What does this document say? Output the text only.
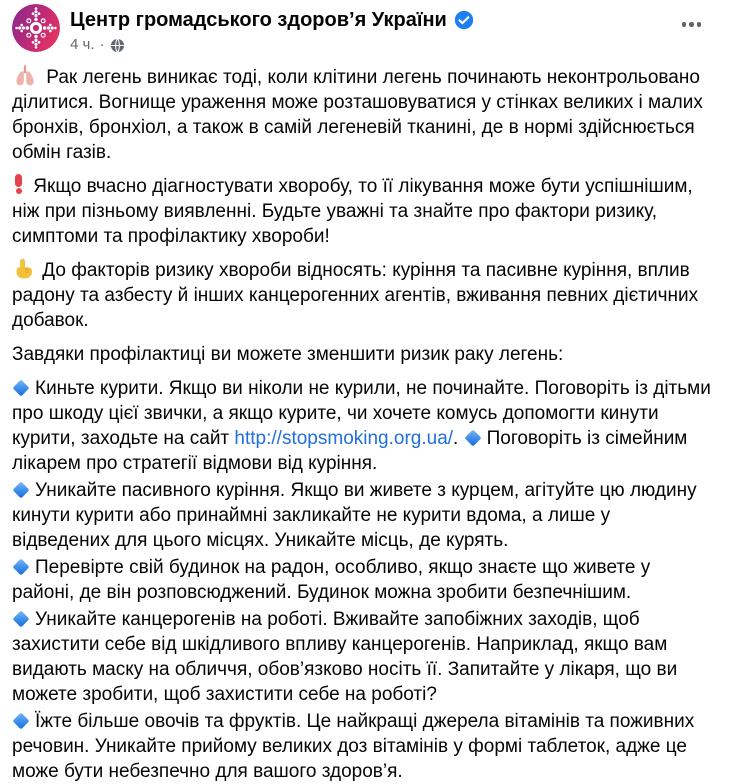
Центр громадського здоров’я України
4 ч. ·
Рак легень виникає тоді, коли клітини легень починають неконтрольовано ділитися. Вогнище ураження може розташовуватися у стінках великих і малих бронхів, бронхіол, а також в самій легеневій тканині, де в нормі здійснюється обмін газів.
Якщо вчасно діагностувати хворобу, то її лікування може бути успішнішим, ніж при пізньому виявленні. Будьте уважні та знайте про фактори ризику, симптоми та профілактику хвороби!
До факторів ризику хвороби відносять: куріння та пасивне куріння, вплив радону та азбесту й інших канцерогенних агентів, вживання певних дієтичних добавок.
Завдяки профілактиці ви можете зменшити ризик раку легень:
Киньте курити. Якщо ви ніколи не курили, не починайте. Поговоріть із дітьми про шкоду цієї звички, а якщо курите, чи хочете комусь допомогти кинути курити, заходьте на сайт http://stopsmoking.org.ua/. Поговоріть із сімейним лікарем про стратегії відмови від куріння.
Уникайте пасивного куріння. Якщо ви живете з курцем, агітуйте цю людину кинути курити або принаймні закликайте не курити вдома, а лише у відведених для цього місцях. Уникайте місць, де курять.
Перевірте свій будинок на радон, особливо, якщо знаєте що живете у районі, де він розповсюджений. Будинок можна зробити безпечнішим.
Уникайте канцерогенів на роботі. Вживайте запобіжних заходів, щоб захистити себе від шкідливого впливу канцерогенів. Наприклад, якщо вам видають маску на обличчя, обов’язково носіть її. Запитайте у лікаря, що ви можете зробити, щоб захистити себе на роботі?
Їжте більше овочів та фруктів. Це найкращі джерела вітамінів та поживних речовин. Уникайте прийому великих доз вітамінів у формі таблеток, адже це може бути небезпечно для вашого здоров’я.
